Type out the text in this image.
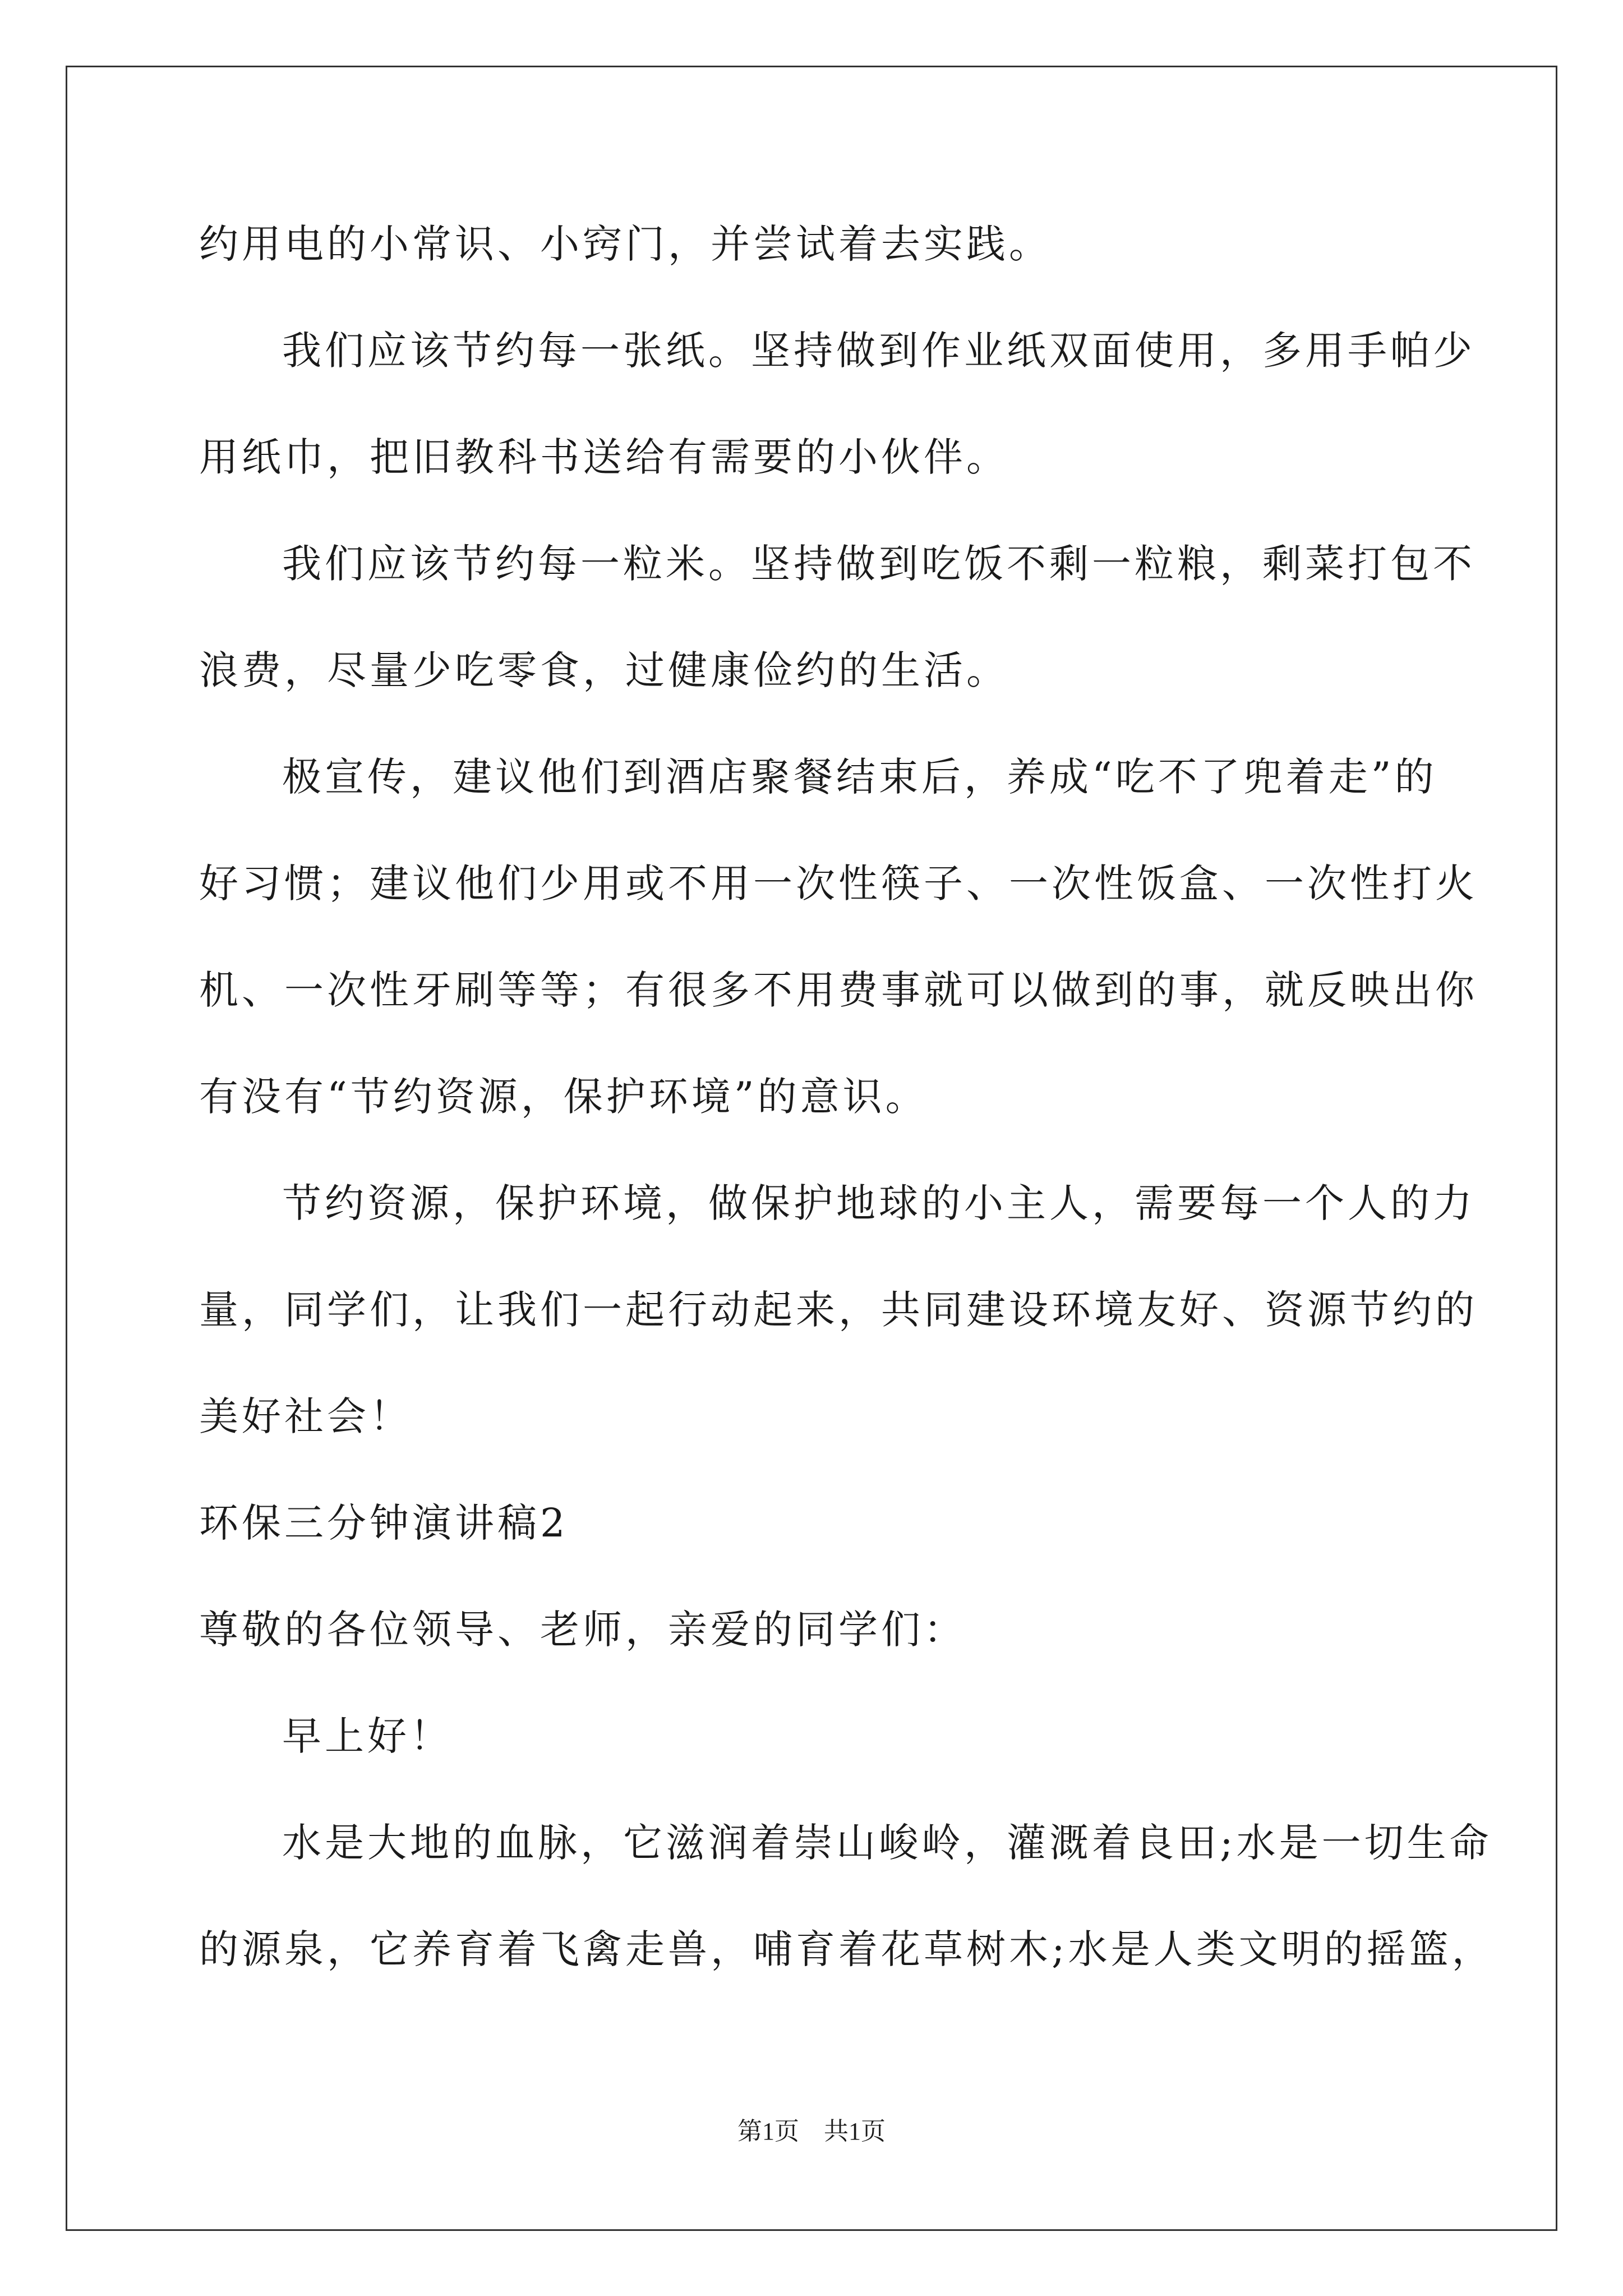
约用电的小常识、小窍门，并尝试着去实践。
我们应该节约每一张纸。坚持做到作业纸双面使用，多用手帕少
用纸巾，把旧教科书送给有需要的小伙伴。
我们应该节约每一粒米。坚持做到吃饭不剩一粒粮，剩菜打包不
浪费，尽量少吃零食，过健康俭约的生活。
极宣传，建议他们到酒店聚餐结束后，养成“吃不了兜着走”的
好习惯；建议他们少用或不用一次性筷子、一次性饭盒、一次性打火
机、一次性牙刷等等；有很多不用费事就可以做到的事，就反映出你
有没有“节约资源，保护环境”的意识。
节约资源，保护环境，做保护地球的小主人，需要每一个人的力
量，同学们，让我们一起行动起来，共同建设环境友好、资源节约的
美好社会！
环保三分钟演讲稿2
尊敬的各位领导、老师，亲爱的同学们：
早上好！
水是大地的血脉，它滋润着崇山峻岭，灌溉着良田;水是一切生命
的源泉，它养育着飞禽走兽，哺育着花草树木;水是人类文明的摇篮，
第1页　共1页
